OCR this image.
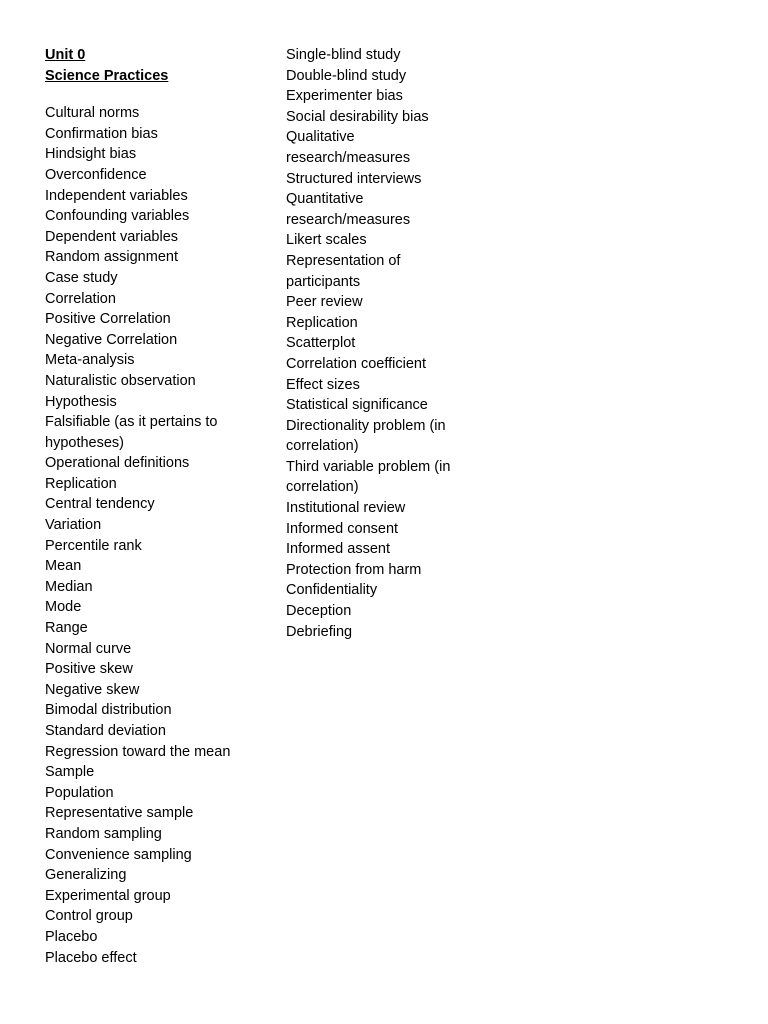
Unit 0
Science Practices
Cultural norms
Confirmation bias
Hindsight bias
Overconfidence
Independent variables
Confounding variables
Dependent variables
Random assignment
Case study
Correlation
Positive Correlation
Negative Correlation
Meta-analysis
Naturalistic observation
Hypothesis
Falsifiable (as it pertains to hypotheses)
Operational definitions
Replication
Central tendency
Variation
Percentile rank
Mean
Median
Mode
Range
Normal curve
Positive skew
Negative skew
Bimodal distribution
Standard deviation
Regression toward the mean
Sample
Population
Representative sample
Random sampling
Convenience sampling
Generalizing
Experimental group
Control group
Placebo
Placebo effect
Single-blind study
Double-blind study
Experimenter bias
Social desirability bias
Qualitative research/measures
Structured interviews
Quantitative research/measures
Likert scales
Representation of participants
Peer review
Replication
Scatterplot
Correlation coefficient
Effect sizes
Statistical significance
Directionality problem (in correlation)
Third variable problem (in correlation)
Institutional review
Informed consent
Informed assent
Protection from harm
Confidentiality
Deception
Debriefing
